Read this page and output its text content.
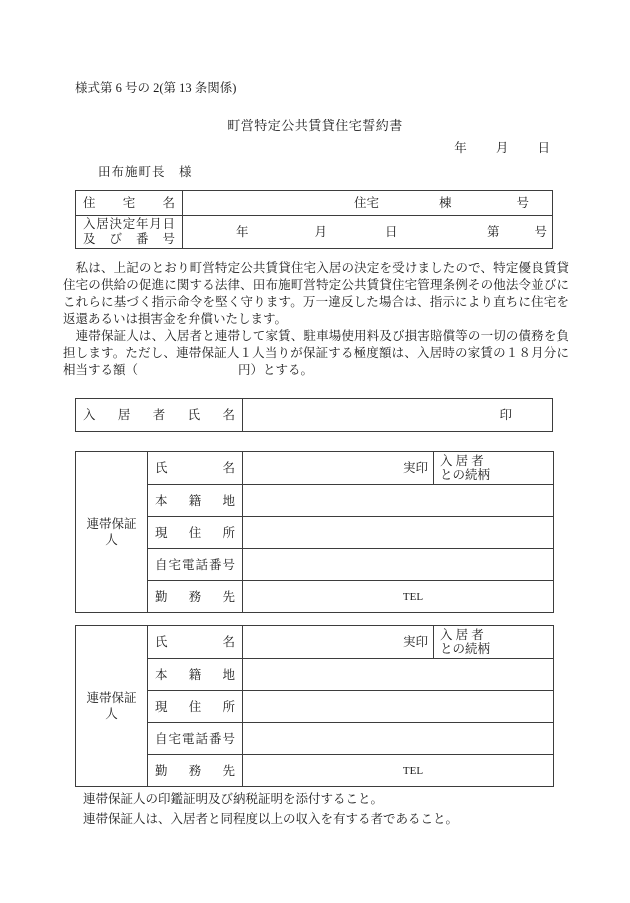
様式第 6 号の 2(第 13 条関係)
町営特定公共賃貸住宅誓約書
年 月 日
田布施町長　様
住宅名	住宅 棟 号

入居決定年月日
及び番号	年	月	日	第	号

　私は、上記のとおり町営特定公共賃貸住宅入居の決定を受けましたので、特定優良賃貸住宅の供給の促進に関する法律、田布施町営特定公共賃貸住宅管理条例その他法令並びにこれらに基づく指示命令を堅く守ります。万一違反した場合は、指示により直ちに住宅を返還あるいは損害金を弁償いたします。

　連帯保証人は、入居者と連帯して家賃、駐車場使用料及び損害賠償等の一切の債務を負担します。ただし、連帯保証人１人当りが保証する極度額は、入居時の家賃の１８月分に相当する額（　　　　　　　　円）とする。

入居者氏名	印
連帯保証人	氏名	実印	入 居 者
との続柄

	本籍地		
	現住所		
	自宅電話番号		
	勤務先	TEL	
連帯保証人	氏名	実印	入 居 者
との続柄

	本籍地		
	現住所		
	自宅電話番号		
	勤務先	TEL	
連帯保証人の印鑑証明及び納税証明を添付すること。
連帯保証人は、入居者と同程度以上の収入を有する者であること。
